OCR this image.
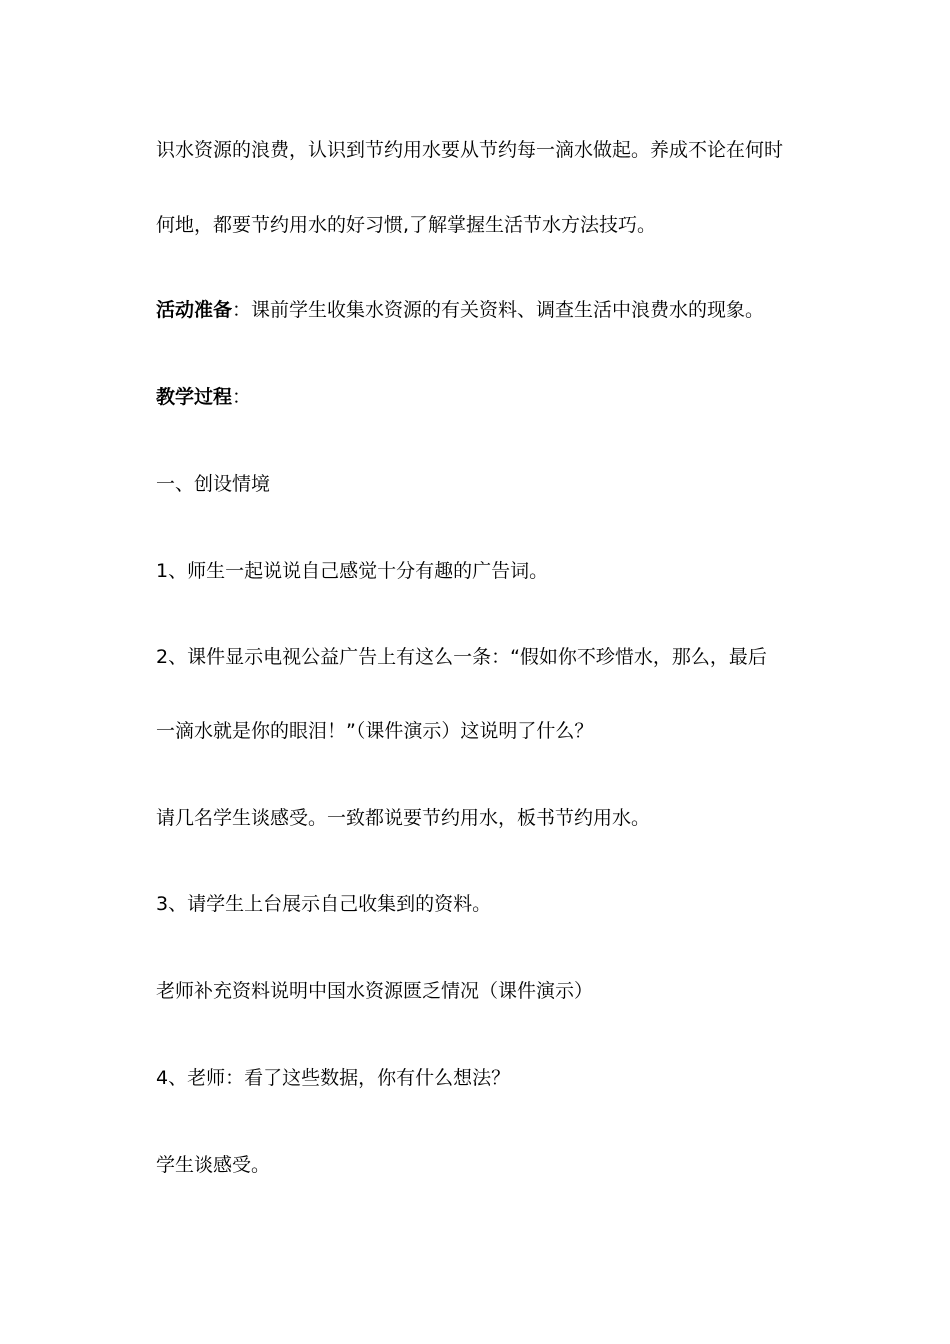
识水资源的浪费，认识到节约用水要从节约每一滴水做起。养成不论在何时
何地，都要节约用水的好习惯,了解掌握生活节水方法技巧。
活动准备：课前学生收集水资源的有关资料、调查生活中浪费水的现象。
教学过程：
一、创设情境
1、师生一起说说自己感觉十分有趣的广告词。
2、课件显示电视公益广告上有这么一条：“假如你不珍惜水，那么，最后
一滴水就是你的眼泪！”（课件演示）这说明了什么？
请几名学生谈感受。一致都说要节约用水，板书节约用水。
3、请学生上台展示自己收集到的资料。
老师补充资料说明中国水资源匮乏情况（课件演示）
4、老师：看了这些数据，你有什么想法？
学生谈感受。
